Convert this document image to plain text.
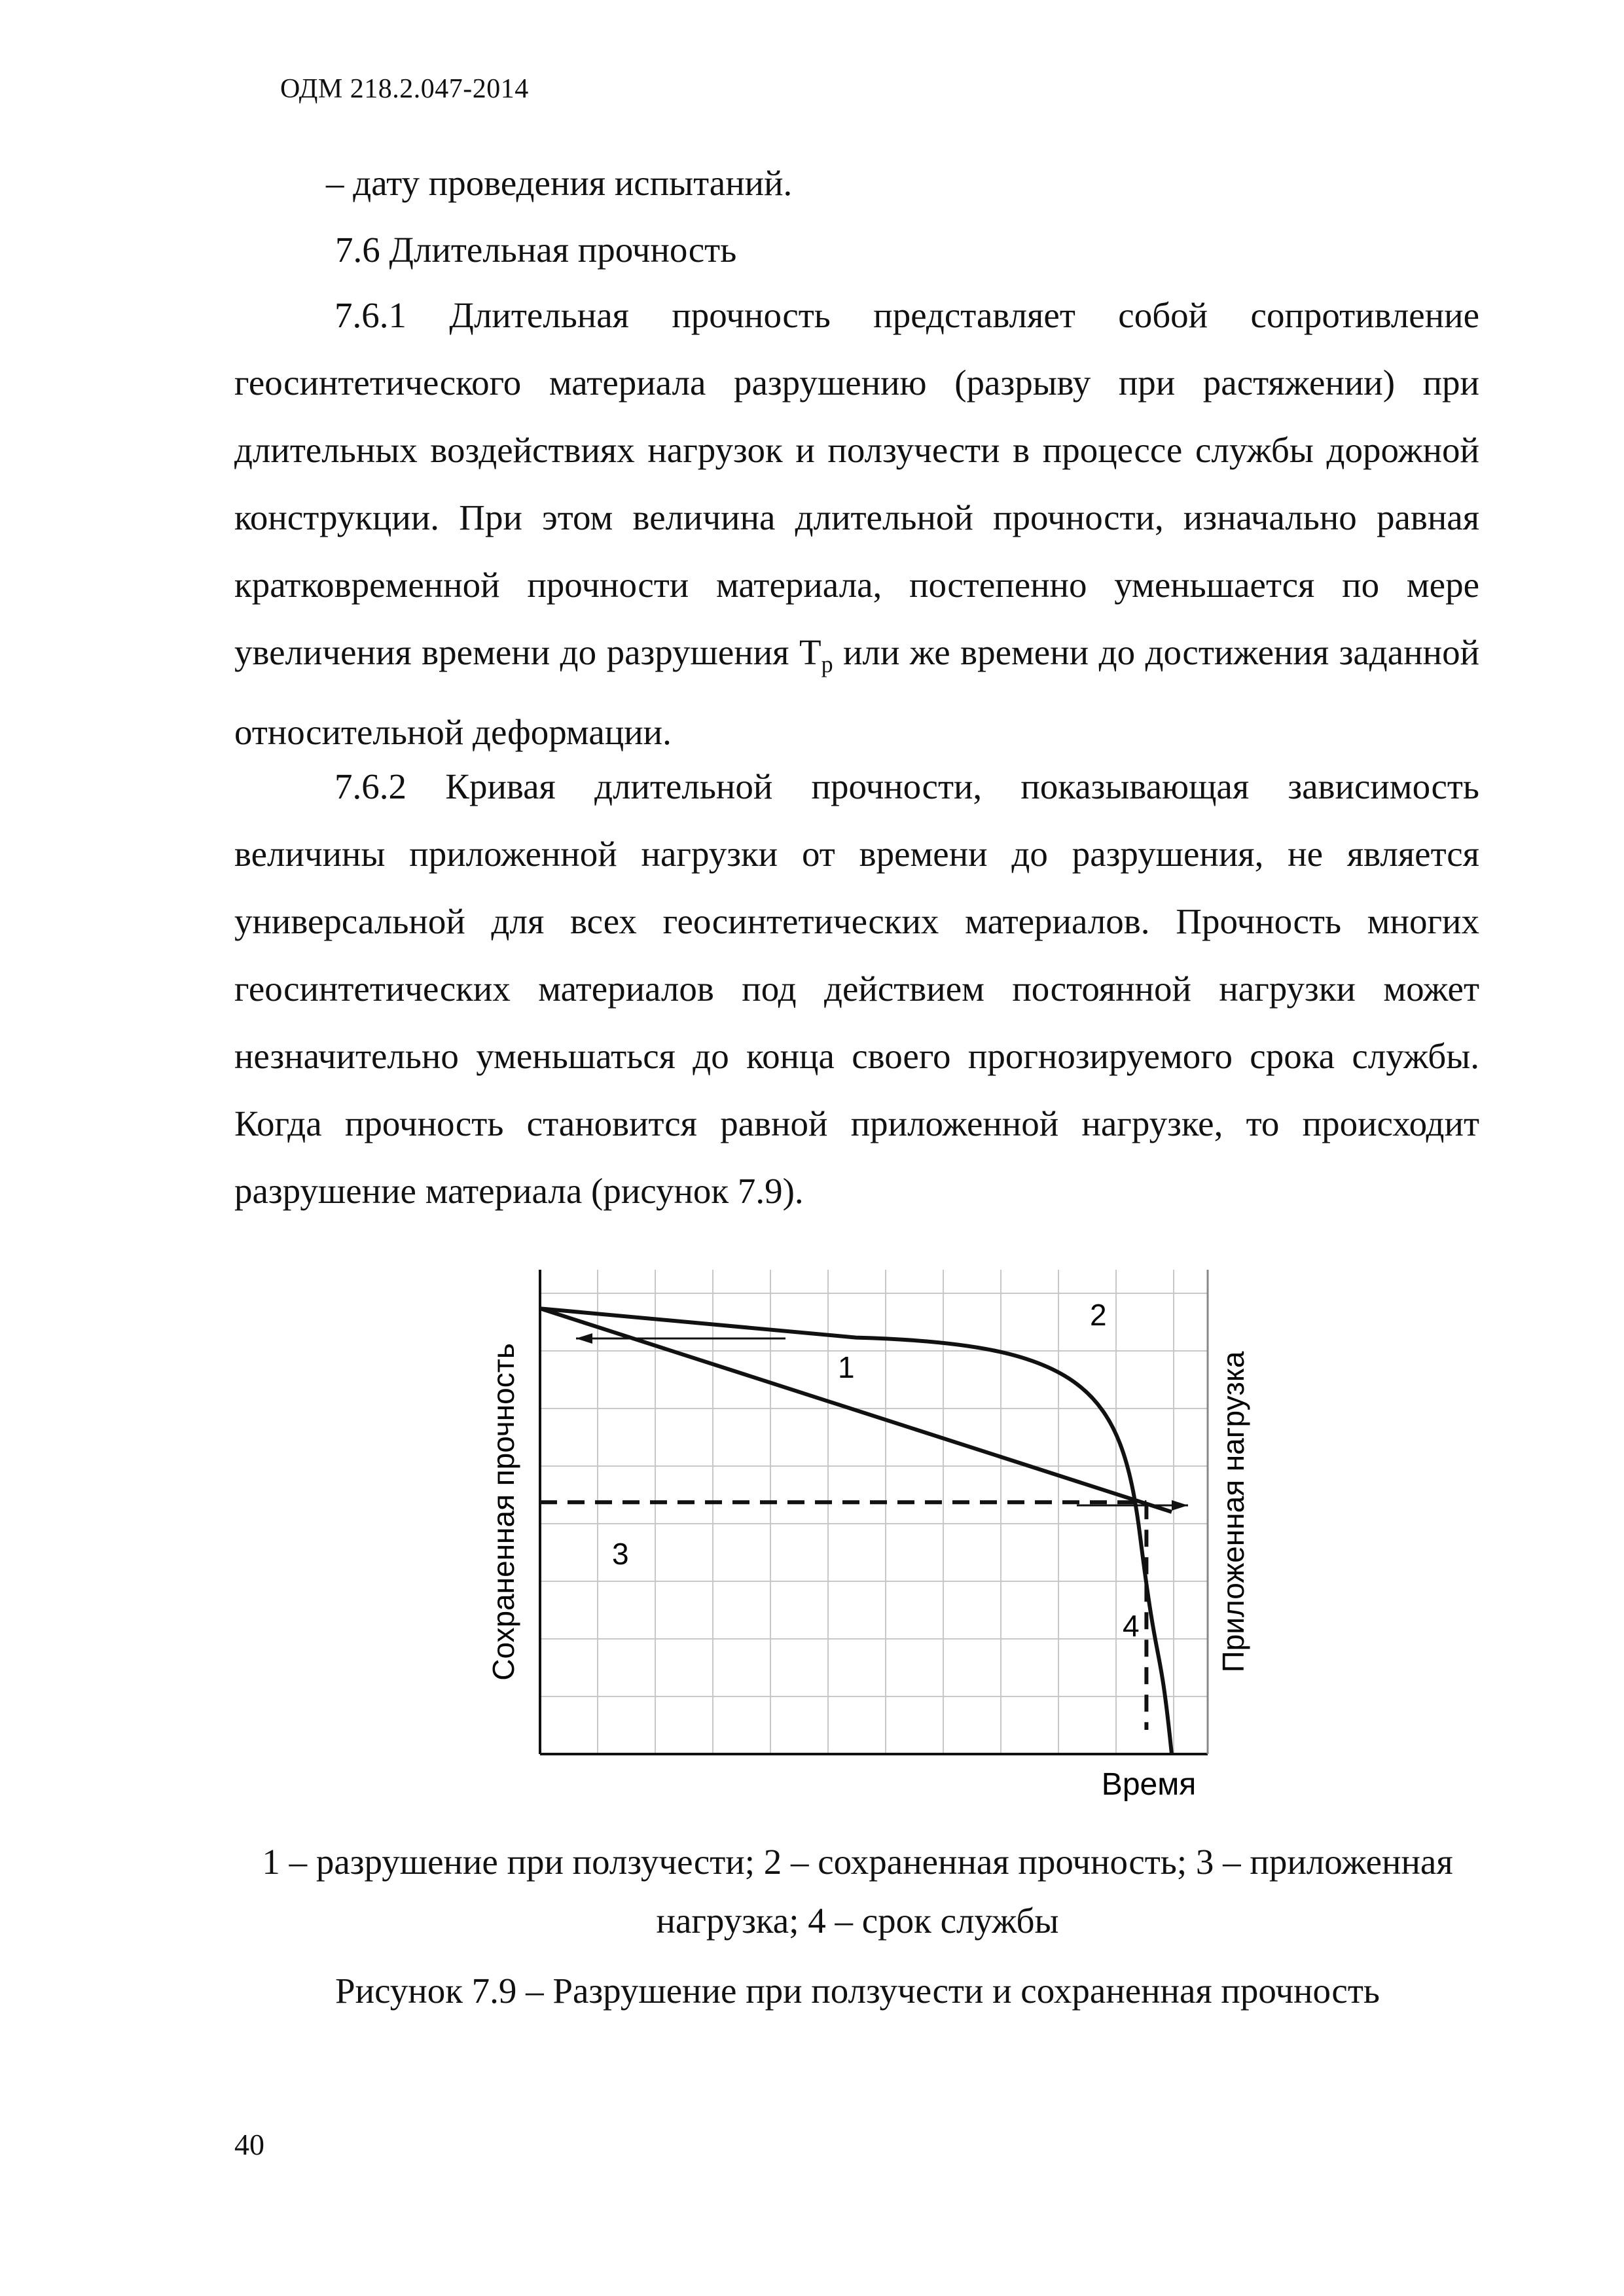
ОДМ 218.2.047-2014
– дату проведения испытаний.
7.6 Длительная прочность

7.6.1 Длительная прочность представляет собой сопротивление геосинтетического материала разрушению (разрыву при растяжении) при длительных воздействиях нагрузок и ползучести в процессе службы дорожной конструкции. При этом величина длительной прочности, изначально равная кратковременной прочности материала, постепенно уменьшается по мере увеличения времени до разрушения $Т_р$ или же времени до достижения заданной относительной деформации.

7.6.2 Кривая длительной прочности, показывающая зависимость величины приложенной нагрузки от времени до разрушения, не является универсальной для всех геосинтетических материалов. Прочность многих геосинтетических материалов под действием постоянной нагрузки может незначительно уменьшаться до конца своего прогнозируемого срока службы. Когда прочность становится равной приложенной нагрузке, то происходит разрушение материала (рисунок 7.9).

1
2
3
4
Время
Сохраненная прочность	Приложенная нагрузка

1 – разрушение при ползучести; 2 – сохраненная прочность; 3 – приложенная нагрузка; 4 – срок службы

Рисунок 7.9 – Разрушение при ползучести и сохраненная прочность
40
